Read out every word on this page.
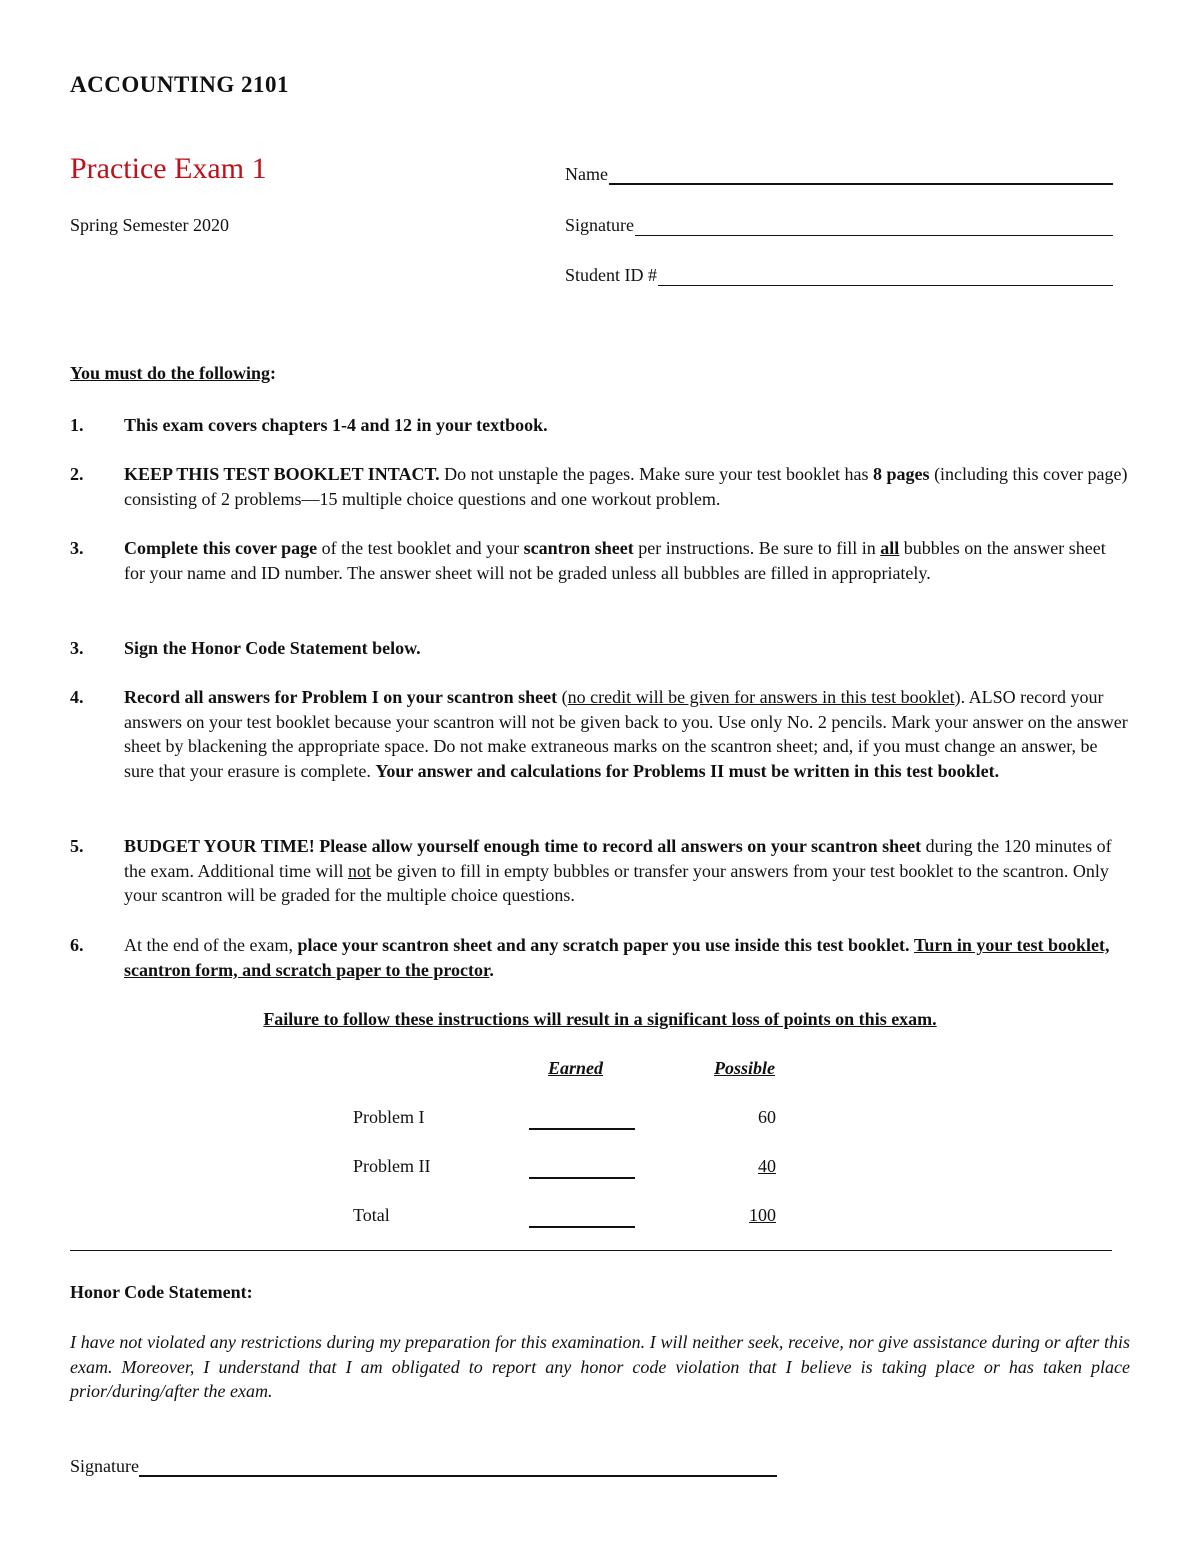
ACCOUNTING 2101
Practice Exam 1
Spring Semester 2020
Name
Signature
Student ID #
You must do the following:
1.	This exam covers chapters 1-4 and 12 in your textbook.
2.	KEEP THIS TEST BOOKLET INTACT. Do not unstaple the pages. Make sure your test booklet has 8 pages (including this cover page) consisting of 2 problems—15 multiple choice questions and one workout problem.
3.	Complete this cover page of the test booklet and your scantron sheet per instructions. Be sure to fill in all bubbles on the answer sheet for your name and ID number. The answer sheet will not be graded unless all bubbles are filled in appropriately.
3.	Sign the Honor Code Statement below.
4.	Record all answers for Problem I on your scantron sheet (no credit will be given for answers in this test booklet). ALSO record your answers on your test booklet because your scantron will not be given back to you. Use only No. 2 pencils. Mark your answer on the answer sheet by blackening the appropriate space. Do not make extraneous marks on the scantron sheet; and, if you must change an answer, be sure that your erasure is complete. Your answer and calculations for Problems II must be written in this test booklet.
5.	BUDGET YOUR TIME! Please allow yourself enough time to record all answers on your scantron sheet during the 120 minutes of the exam. Additional time will not be given to fill in empty bubbles or transfer your answers from your test booklet to the scantron. Only your scantron will be graded for the multiple choice questions.
6.	At the end of the exam, place your scantron sheet and any scratch paper you use inside this test booklet. Turn in your test booklet, scantron form, and scratch paper to the proctor.
Failure to follow these instructions will result in a significant loss of points on this exam.
Earned	Possible
Problem I	60
Problem II	40
Total	100
Honor Code Statement:
I have not violated any restrictions during my preparation for this examination. I will neither seek, receive, nor give assistance during or after this exam. Moreover, I understand that I am obligated to report any honor code violation that I believe is taking place or has taken place prior/during/after the exam.
Signature
